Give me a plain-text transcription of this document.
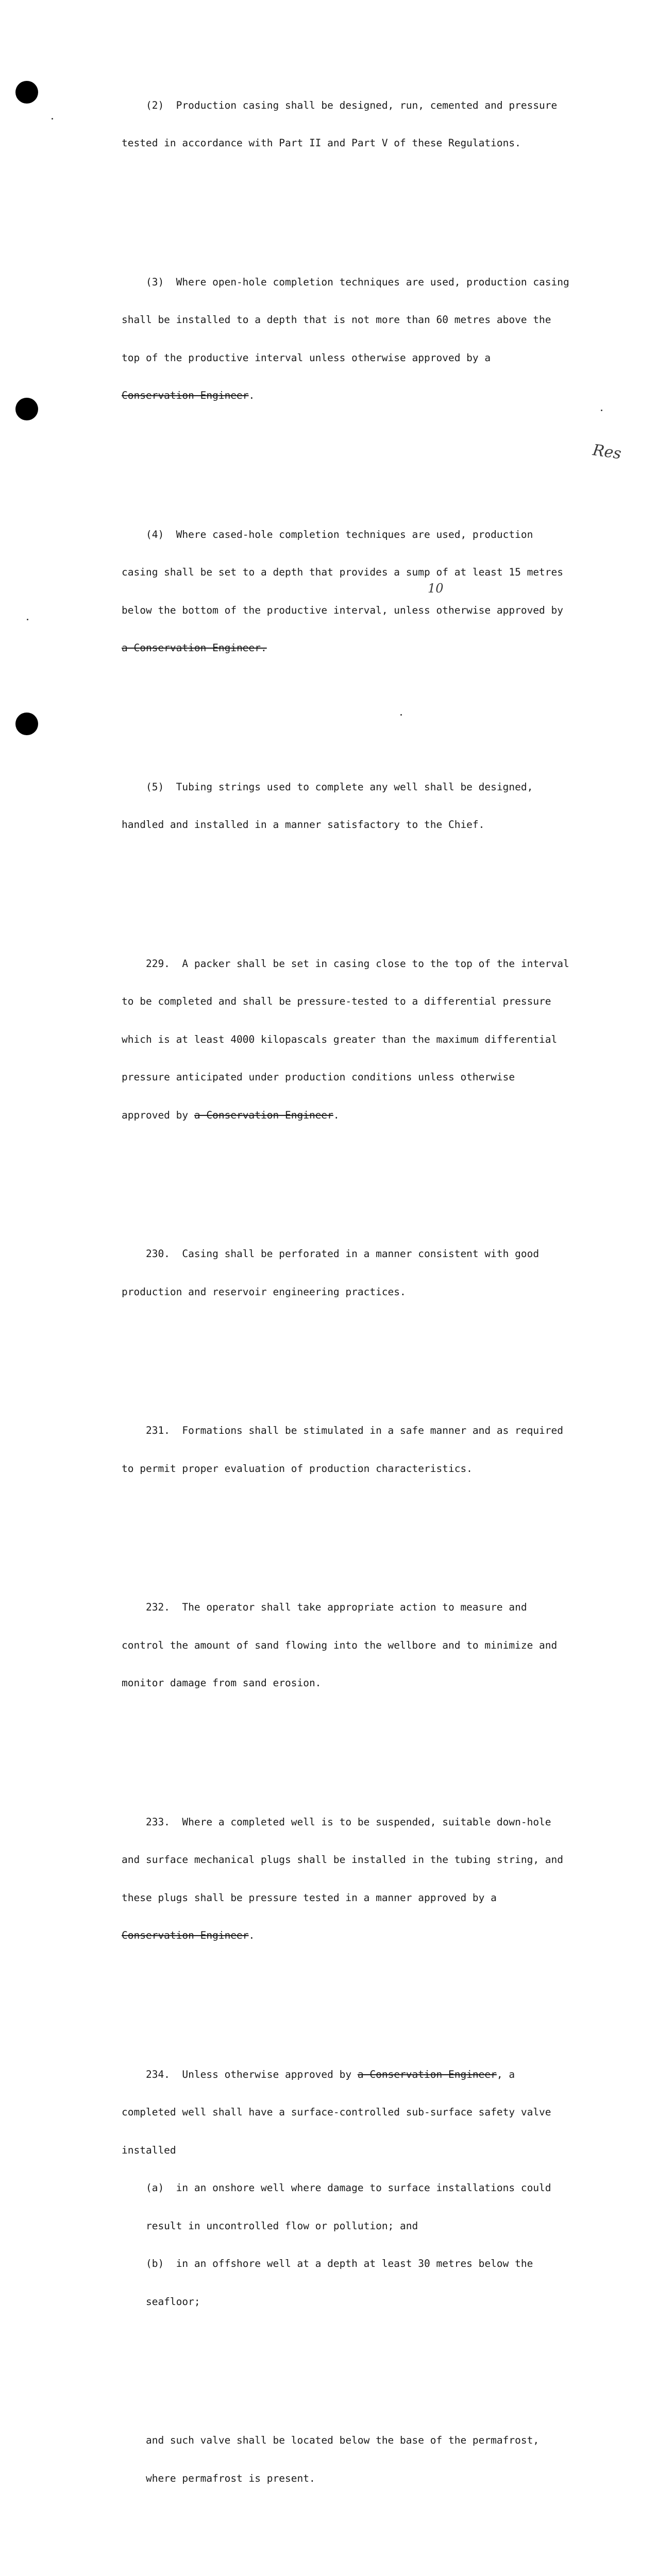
(2)  Production casing shall be designed, run, cemented and pressure

tested in accordance with Part II and Part V of these Regulations.

(3)  Where open-hole completion techniques are used, production casing

shall be installed to a depth that is not more than 60 metres above the

top of the productive interval unless otherwise approved by a

Conservation Engineer.

(4)  Where cased-hole completion techniques are used, production

casing shall be set to a depth that provides a sump of at least 15 metres

below the bottom of the productive interval, unless otherwise approved by

a Conservation Engineer.

(5)  Tubing strings used to complete any well shall be designed,

handled and installed in a manner satisfactory to the Chief.

229.  A packer shall be set in casing close to the top of the interval

to be completed and shall be pressure-tested to a differential pressure

which is at least 4000 kilopascals greater than the maximum differential

pressure anticipated under production conditions unless otherwise

approved by a Conservation Engineer.

230.  Casing shall be perforated in a manner consistent with good

production and reservoir engineering practices.

231.  Formations shall be stimulated in a safe manner and as required

to permit proper evaluation of production characteristics.

232.  The operator shall take appropriate action to measure and

control the amount of sand flowing into the wellbore and to minimize and

monitor damage from sand erosion.

233.  Where a completed well is to be suspended, suitable down-hole

and surface mechanical plugs shall be installed in the tubing string, and

these plugs shall be pressure tested in a manner approved by a

Conservation Engineer.

234.  Unless otherwise approved by a Conservation Engineer, a

completed well shall have a surface-controlled sub-surface safety valve

installed

(a)  in an onshore well where damage to surface installations could

result in uncontrolled flow or pollution; and

(b)  in an offshore well at a depth at least 30 metres below the

seafloor;

and such valve shall be located below the base of the permafrost,

where permafrost is present.

10
Res
